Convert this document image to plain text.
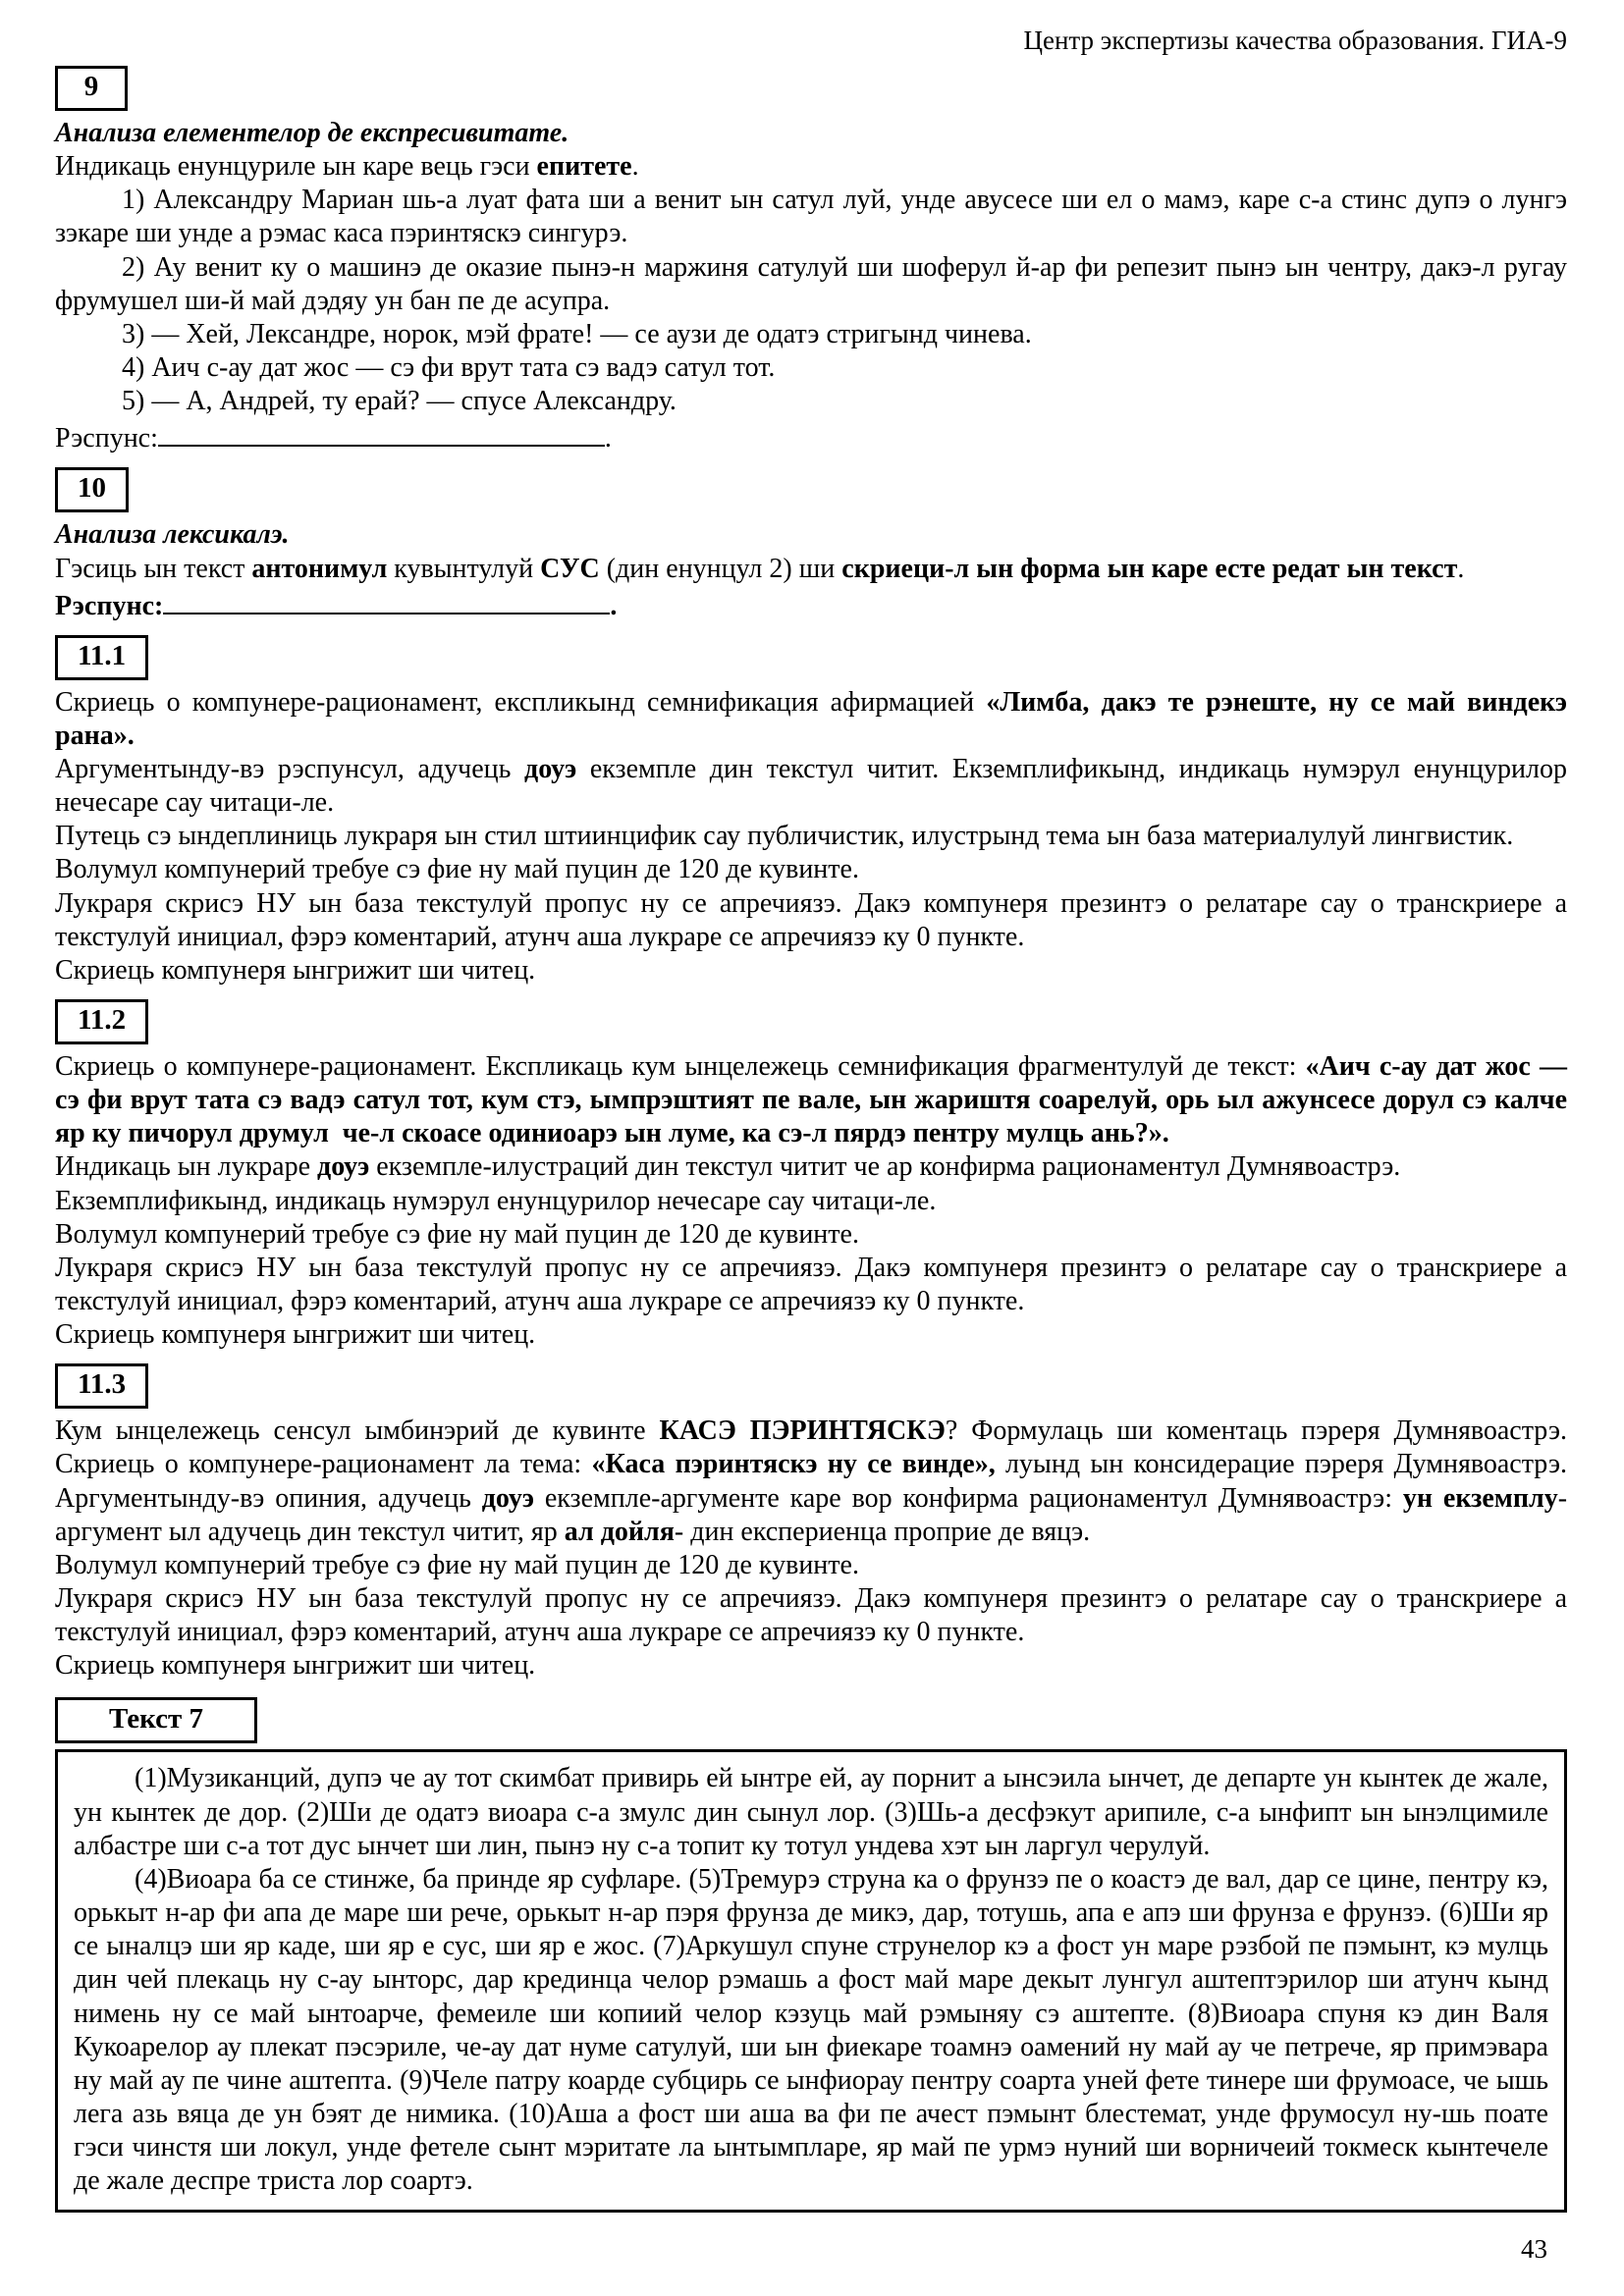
Центр экспертизы качества образования. ГИА-9
9

Анализа елементелор де експресивитате.

Индикаць енунцуриле ын каре вець гэси епитете.

1) Александру Мариан шь-а луат фата ши а венит ын сатул луй, унде авусесе ши ел о мамэ, каре с-а стинс дупэ о лунгэ зэкаре ши унде а рэмас каса пэринтяскэ сингурэ.

2) Ау венит ку о машинэ де оказие пынэ-н маржиня сатулуй ши шоферул й-ар фи репезит пынэ ын чентру, дакэ-л ругау фрумушел ши-й май дэдяу ун бан пе де асупра.

3) — Хей, Лександре, норок, мэй фрате! — се аузи де одатэ стригынд чинева.

4) Аич с-ау дат жос — сэ фи врут тата сэ вадэ сатул тот.

5) — А, Андрей, ту ерай? — спусе Александру.

Рэспунс:	.

10

Анализа лексикалэ.

Гэсиць ын текст антонимул кувынтулуй СУС (дин енунцул 2) ши скриеци-л ын форма ын каре есте редат ын текст.

Рэспунс:	.

11.1

Скриець о компунере-рационамент, експликынд семнификация афирмацией «Лимба, дакэ те рэнеште, ну се май виндекэ рана».

Аргументынду-вэ рэспунсул, адучець доуэ екземпле дин текстул читит. Екземплификынд, индикаць нумэрул енунцурилор нечесаре сау читаци-ле.

Путець сэ ындеплиниць лукраря ын стил штиинцифик сау публичистик, илустрынд тема ын база материалулуй лингвистик.

Волумул компунерий требуе сэ фие ну май пуцин де 120 де кувинте.

Лукраря скрисэ НУ ын база текстулуй пропус ну се апречиязэ. Дакэ компунеря презинтэ о релатаре сау о транскриере а текстулуй инициал, фэрэ коментарий, атунч аша лукраре се апречиязэ ку 0 пункте.

Скриець компунеря ынгрижит ши читец.

11.2

Скриець о компунере-рационамент. Експликаць кум ынцележець семнификация фрагментулуй де текст: «Аич с-ау дат жос — сэ фи врут тата сэ вадэ сатул тот, кум стэ, ымпрэштият пе вале, ын жариштя соарелуй, орь ыл ажунсесе дорул сэ калче яр ку пичорул друмул  че-л скоасе одиниоарэ ын луме, ка сэ-л пярдэ пентру мулць ань?».

Индикаць ын лукраре доуэ екземпле-илустраций дин текстул читит че ар конфирма рационаментул Думнявоастрэ.

Екземплификынд, индикаць нумэрул енунцурилор нечесаре сау читаци-ле.

Волумул компунерий требуе сэ фие ну май пуцин де 120 де кувинте.

Лукраря скрисэ НУ ын база текстулуй пропус ну се апречиязэ. Дакэ компунеря презинтэ о релатаре сау о транскриере а текстулуй инициал, фэрэ коментарий, атунч аша лукраре се апречиязэ ку 0 пункте.

Скриець компунеря ынгрижит ши читец.

11.3

Кум ынцележець сенсул ымбинэрий де кувинте КАСЭ ПЭРИНТЯСКЭ? Формулаць ши коментаць пэреря Думнявоастрэ. Скриець о компунере-рационамент ла тема: «Каса пэринтяскэ ну се винде», луынд ын консидерацие пэреря Думнявоастрэ. Аргументынду-вэ опиния, адучець доуэ екземпле-аргументе каре вор конфирма рационаментул Думнявоастрэ: ун екземплу-аргумент ыл адучець дин текстул читит, яр ал дойля- дин експериенца проприе де вяцэ.

Волумул компунерий требуе сэ фие ну май пуцин де 120 де кувинте.

Лукраря скрисэ НУ ын база текстулуй пропус ну се апречиязэ. Дакэ компунеря презинтэ о релатаре сау о транскриере а текстулуй инициал, фэрэ коментарий, атунч аша лукраре се апречиязэ ку 0 пункте.

Скриець компунеря ынгрижит ши читец.

Текст 7

(1)Музиканций, дупэ че ау тот скимбат привирь ей ынтре ей, ау порнит а ынсэила ынчет, де департе ун кынтек де жале, ун кынтек де дор. (2)Ши де одатэ виоара с-а змулс дин сынул лор. (3)Шь-а десфэкут арипиле, с-а ынфипт ын ынэлцимиле албастре ши с-а тот дус ынчет ши лин, пынэ ну с-а топит ку тотул ундева хэт ын ларгул черулуй.

(4)Виоара ба се стинже, ба принде яр суфларе. (5)Тремурэ струна ка о фрунзэ пе о коастэ де вал, дар се цине, пентру кэ, орькыт н-ар фи апа де маре ши рече, орькыт н-ар пэря фрунза де микэ, дар, тотушь, апа е апэ ши фрунза е фрунзэ. (6)Ши яр се ыналцэ ши яр каде, ши яр е сус, ши яр е жос. (7)Аркушул спуне струнелор кэ а фост ун маре рэзбой пе пэмынт, кэ мулць дин чей плекаць ну с-ау ынторс, дар крединца челор рэмашь а фост май маре декыт лунгул аштептэрилор ши атунч кынд нимень ну се май ынтоарче, фемеиле ши копиий челор кэзуць май рэмыняу сэ аштепте. (8)Виоара спуня кэ дин Валя Кукоарелор ау плекат пэсэриле, че-ау дат нуме сатулуй, ши ын фиекаре тоамнэ оамений ну май ау че петрече, яр примэвара ну май ау пе чине аштепта. (9)Челе патру коарде субцирь се ынфиорау пентру соарта уней фете тинере ши фрумоасе, че ышь лега азь вяца де ун бэят де нимика. (10)Аша а фост ши аша ва фи пе ачест пэмынт блестемат, унде фрумосул ну-шь поате гэси чинстя ши локул, унде фетеле сынт мэритате ла ынтымпларе, яр май пе урмэ нуний ши ворничеий токмеск кынтечеле де жале деспре триста лор соартэ.

43
